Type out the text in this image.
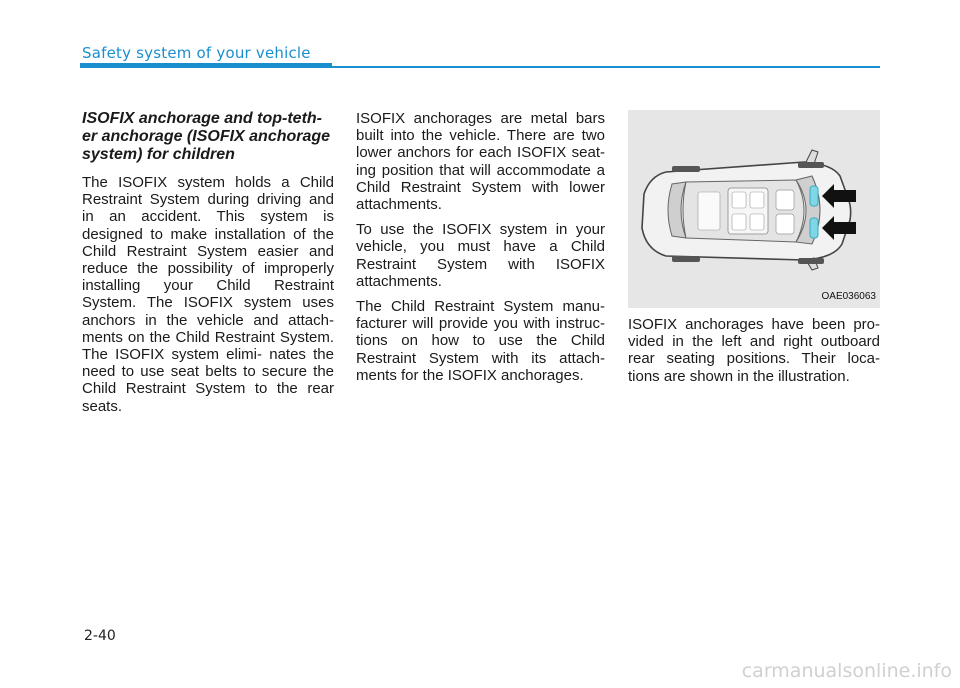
Safety system of your vehicle

ISOFIX anchorage and top-teth- er anchorage (ISOFIX anchorage system) for children

The ISOFIX system holds a Child Restraint System during driving and in an accident. This system is designed to make installation of the Child Restraint System easier and reduce the possibility of improperly installing your Child Restraint System. The ISOFIX system uses anchors in the vehicle and attach- ments on the Child Restraint System. The ISOFIX system elimi- nates the need to use seat belts to secure the Child Restraint System to the rear seats.

ISOFIX anchorages are metal bars built into the vehicle. There are two lower anchors for each ISOFIX seat- ing position that will accommodate a Child Restraint System with lower attachments.

To use the ISOFIX system in your vehicle, you must have a Child Restraint System with ISOFIX attachments.

The Child Restraint System manu- facturer will provide you with instruc- tions on how to use the Child Restraint System with its attach- ments for the ISOFIX anchorages.

OAE036063

ISOFIX anchorages have been pro- vided in the left and right outboard rear seating positions. Their loca- tions are shown in the illustration.

2-40
carmanualsonline.info
